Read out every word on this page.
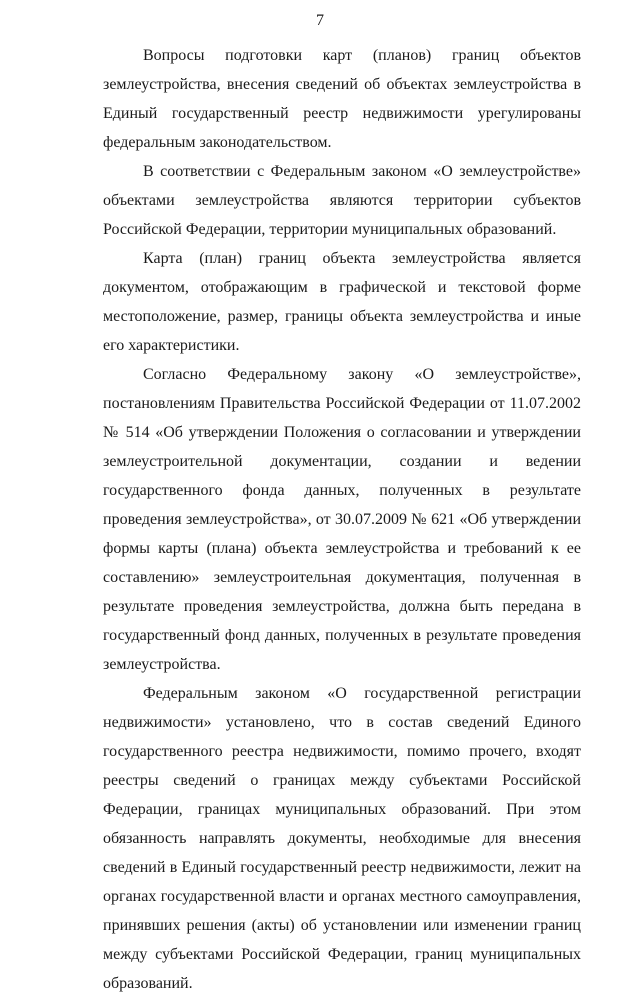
7

Вопросы подготовки карт (планов) границ объектов землеустройства, внесения сведений об объектах землеустройства в Единый государственный реестр недвижимости урегулированы федеральным законодательством.

В соответствии с Федеральным законом «О землеустройстве» объектами землеустройства являются территории субъектов Российской Федерации, территории муниципальных образований.

Карта (план) границ объекта землеустройства является документом, отображающим в графической и текстовой форме местоположение, размер, границы объекта землеустройства и иные его характеристики.

Согласно Федеральному закону «О землеустройстве», постановлениям Правительства Российской Федерации от 11.07.2002 № 514 «Об утверждении Положения о согласовании и утверждении землеустроительной документации, создании и ведении государственного фонда данных, полученных в результате проведения землеустройства», от 30.07.2009 № 621 «Об утверждении формы карты (плана) объекта землеустройства и требований к ее составлению» землеустроительная документация, полученная в результате проведения землеустройства, должна быть передана в государственный фонд данных, полученных в результате проведения землеустройства.

Федеральным законом «О государственной регистрации недвижимости» установлено, что в состав сведений Единого государственного реестра недвижимости, помимо прочего, входят реестры сведений о границах между субъектами Российской Федерации, границах муниципальных образований. При этом обязанность направлять документы, необходимые для внесения сведений в Единый государственный реестр недвижимости, лежит на органах государственной власти и органах местного самоуправления, принявших решения (акты) об установлении или изменении границ между субъектами Российской Федерации, границ муниципальных образований.
